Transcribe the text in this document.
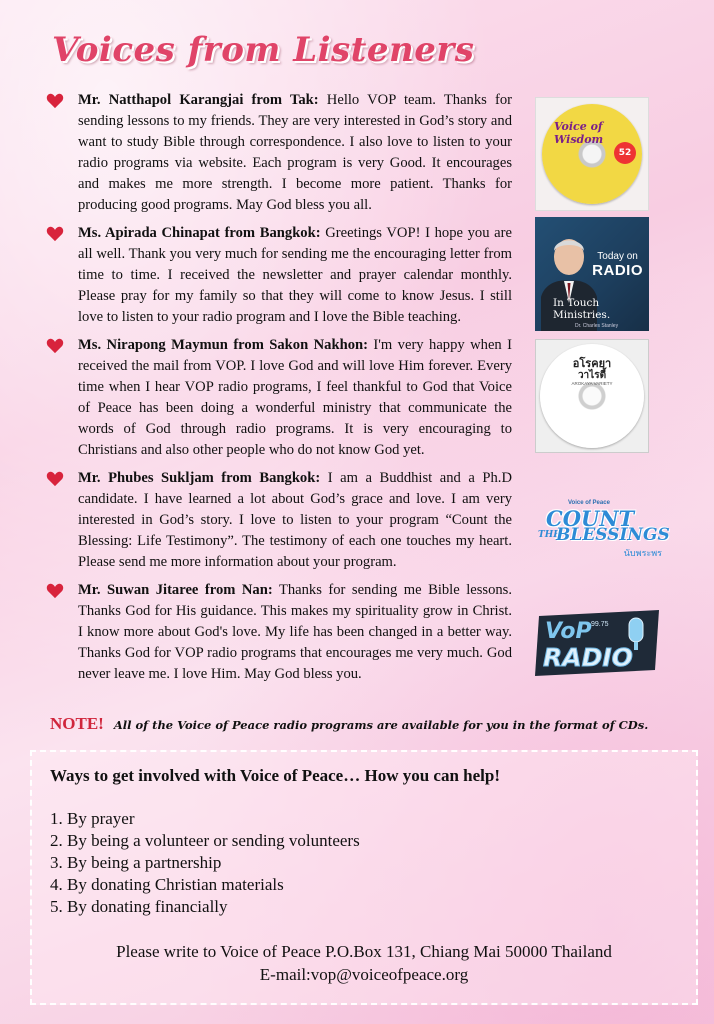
Voices from Listeners

Mr. Natthapol Karangjai from Tak: Hello VOP team. Thanks for sending lessons to my friends. They are very interested in God’s story and want to study Bible through correspondence. I also love to listen to your radio programs via website. Each program is very Good. It encourages and makes me more strength. I become more patient. Thanks for producing good programs. May God bless you all.

Ms. Apirada Chinapat from Bangkok: Greetings VOP! I hope you are all well. Thank you very much for sending me the encouraging letter from time to time. I received the newsletter and prayer calendar monthly. Please pray for my family so that they will come to know Jesus. I still love to listen to your radio program and I love the Bible teaching.

Ms. Nirapong Maymun from Sakon Nakhon: I'm very happy when I received the mail from VOP. I love God and will love Him forever. Every time when I hear VOP radio programs, I feel thankful to God that Voice of Peace has been doing a wonderful ministry that communicate the words of God through radio programs. It is very encouraging to Christians and also other people who do not know God yet.

Mr. Phubes Sukljam from Bangkok: I am a Buddhist and a Ph.D candidate. I have learned a lot about God’s grace and love. I am very interested in God’s story. I love to listen to your program “Count the Blessing: Life Testimony”. The testimony of each one touches my heart. Please send me more information about your program.

Mr. Suwan Jitaree from Nan: Thanks for sending me Bible lessons. Thanks God for His guidance. This makes my spirituality grow in Christ. I know more about God's love. My life has been changed in a better way. Thanks God for VOP radio programs that encourages me very much. God never leave me. I love Him. May God bless you.

Voice of Wisdom
52
Today on
RADIO
In Touch Ministries.
Dr. Charles Stanley
อโรคยา
วาไรตี้
AROKAYA VARIETY
Voice of Peace
COUNT
THE
BLESSINGS
นับพระพร
VoP 99.75
RADIO
NOTE! All of the Voice of Peace radio programs are available for you in the format of CDs.
Ways to get involved with Voice of Peace… How you can help!
1. By prayer
2. By being a volunteer or sending volunteers
3. By being a partnership
4. By donating Christian materials
5. By donating financially
Please write to Voice of Peace P.O.Box 131, Chiang Mai 50000 Thailand
E-mail:vop@voiceofpeace.org
